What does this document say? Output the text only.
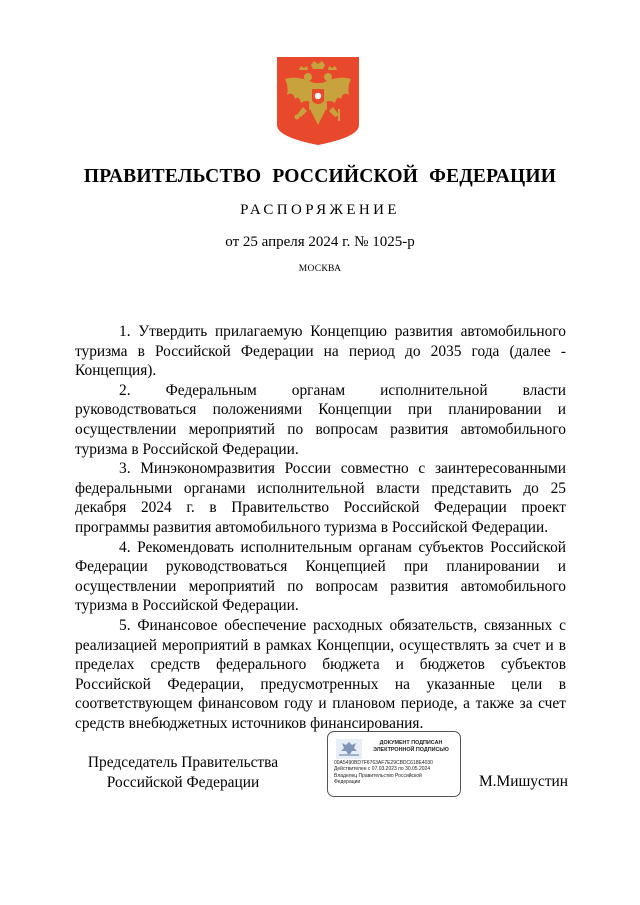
ПРАВИТЕЛЬСТВО РОССИЙСКОЙ ФЕДЕРАЦИИ
РАСПОРЯЖЕНИЕ
от 25 апреля 2024 г. № 1025-р
МОСКВА

1. Утвердить прилагаемую Концепцию развития автомобильного туризма в Российской Федерации на период до 2035 года (далее - Концепция).

2. Федеральным органам исполнительной власти руководствоваться положениями Концепции при планировании и осуществлении мероприятий по вопросам развития автомобильного туризма в Российской Федерации.

3. Минэкономразвития России совместно с заинтересованными федеральными органами исполнительной власти представить до 25 декабря 2024 г. в Правительство Российской Федерации проект программы развития автомобильного туризма в Российской Федерации.

4. Рекомендовать исполнительным органам субъектов Российской Федерации руководствоваться Концепцией при планировании и осуществлении мероприятий по вопросам развития автомобильного туризма в Российской Федерации.

5. Финансовое обеспечение расходных обязательств, связанных с реализацией мероприятий в рамках Концепции, осуществлять за счет и в пределах средств федерального бюджета и бюджетов субъектов Российской Федерации, предусмотренных на указанные цели в соответствующем финансовом году и плановом периоде, а также за счет средств внебюджетных источников финансирования.

Председатель Правительства
Российской Федерации
ДОКУМЕНТ ПОДПИСАН
ЭЛЕКТРОННОЙ ПОДПИСЬЮ
00A5490BD7F6763AF7E29CBDC618E4030
Действителен с 07.03.2023 по 30.05.2024
Владелец Правительство Российской
Федерации	М.Мишустин
